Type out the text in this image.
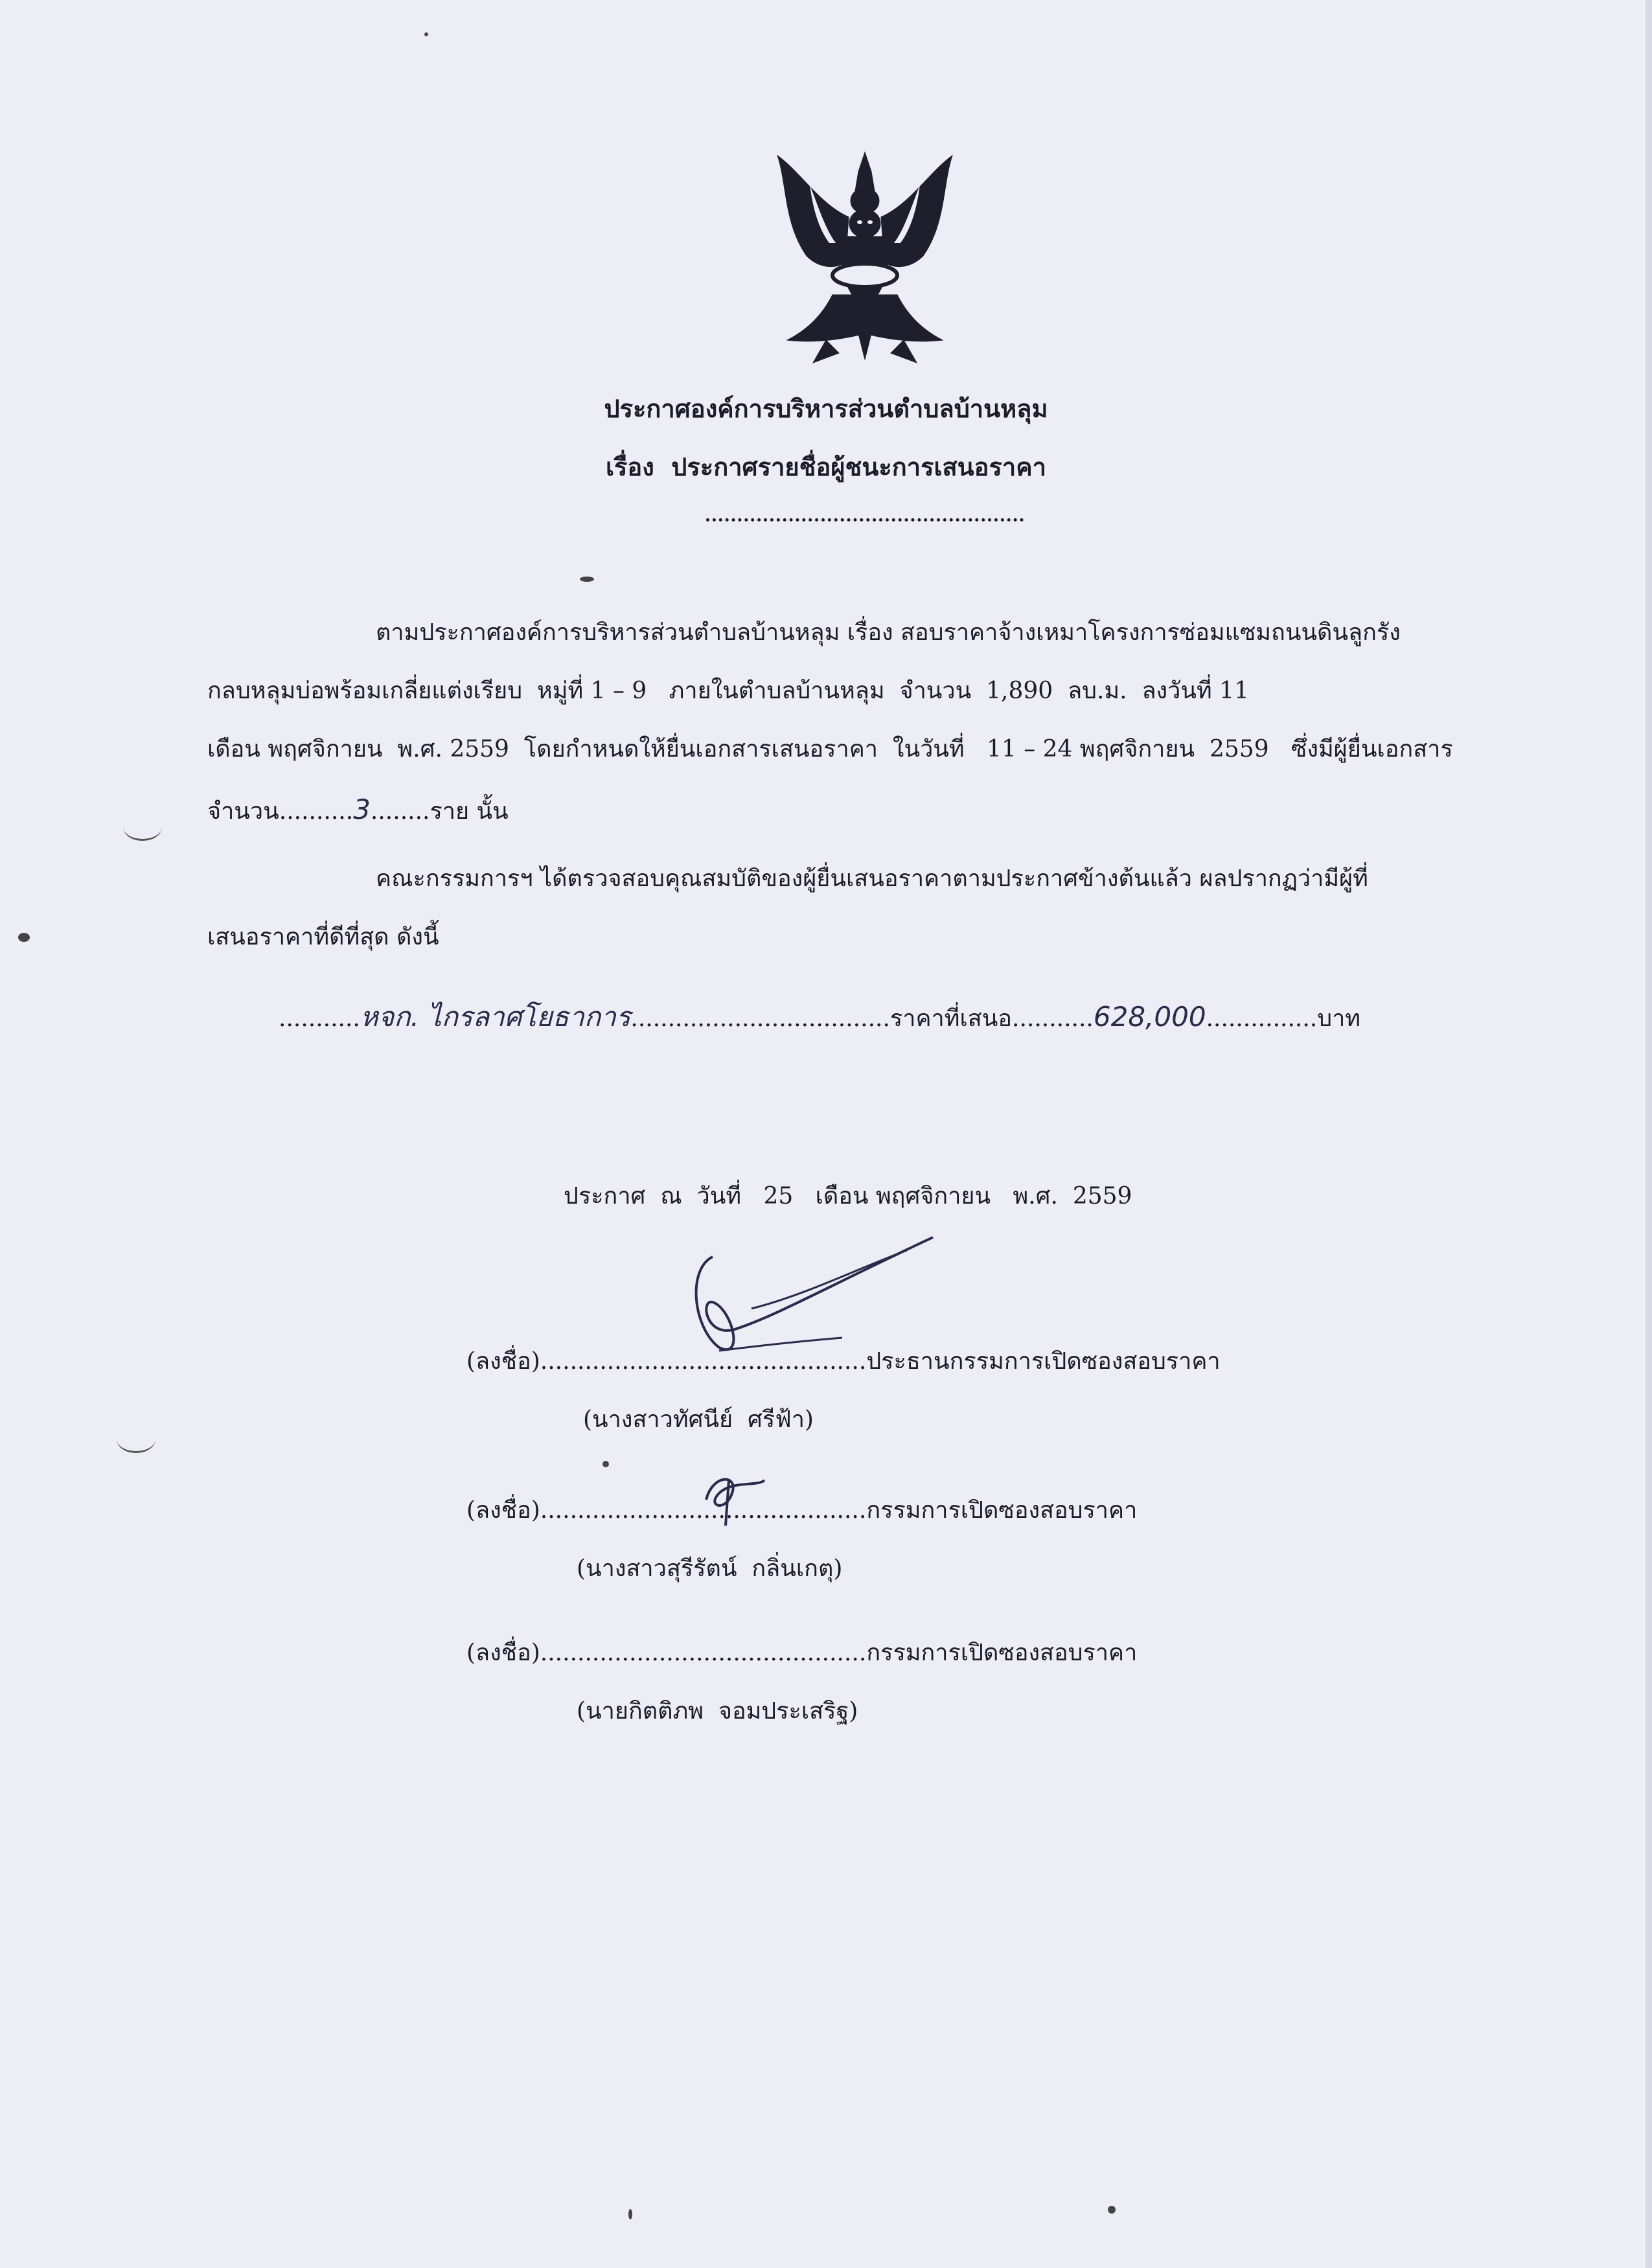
ประกาศองค์การบริหารส่วนตำบลบ้านหลุม
เรื่อง  ประกาศรายชื่อผู้ชนะการเสนอราคา
ตามประกาศองค์การบริหารส่วนตำบลบ้านหลุม เรื่อง สอบราคาจ้างเหมาโครงการซ่อมแซมถนนดินลูกรัง
กลบหลุมบ่อพร้อมเกลี่ยแต่งเรียบ  หมู่ที่ 1 – 9   ภายในตำบลบ้านหลุม  จำนวน  1,890  ลบ.ม.  ลงวันที่ 11
เดือน พฤศจิกายน  พ.ศ. 2559  โดยกำหนดให้ยื่นเอกสารเสนอราคา  ในวันที่   11 – 24 พฤศจิกายน  2559   ซึ่งมีผู้ยื่นเอกสาร
จำนวน..........3........ราย นั้น
คณะกรรมการฯ ได้ตรวจสอบคุณสมบัติของผู้ยื่นเสนอราคาตามประกาศข้างต้นแล้ว ผลปรากฏว่ามีผู้ที่
เสนอราคาที่ดีที่สุด ดังนี้
...........หจก. ไกรลาศโยธาการ...................................ราคาที่เสนอ...........628,000...............บาท
ประกาศ  ณ  วันที่   25   เดือน พฤศจิกายน   พ.ศ.  2559
(ลงชื่อ)............................................ประธานกรรมการเปิดซองสอบราคา
(นางสาวทัศนีย์  ศรีฟ้า)
(ลงชื่อ)............................................กรรมการเปิดซองสอบราคา
(นางสาวสุรีรัตน์  กลิ่นเกตุ)
(ลงชื่อ)............................................กรรมการเปิดซองสอบราคา
(นายกิตติภพ  จอมประเสริฐ)
